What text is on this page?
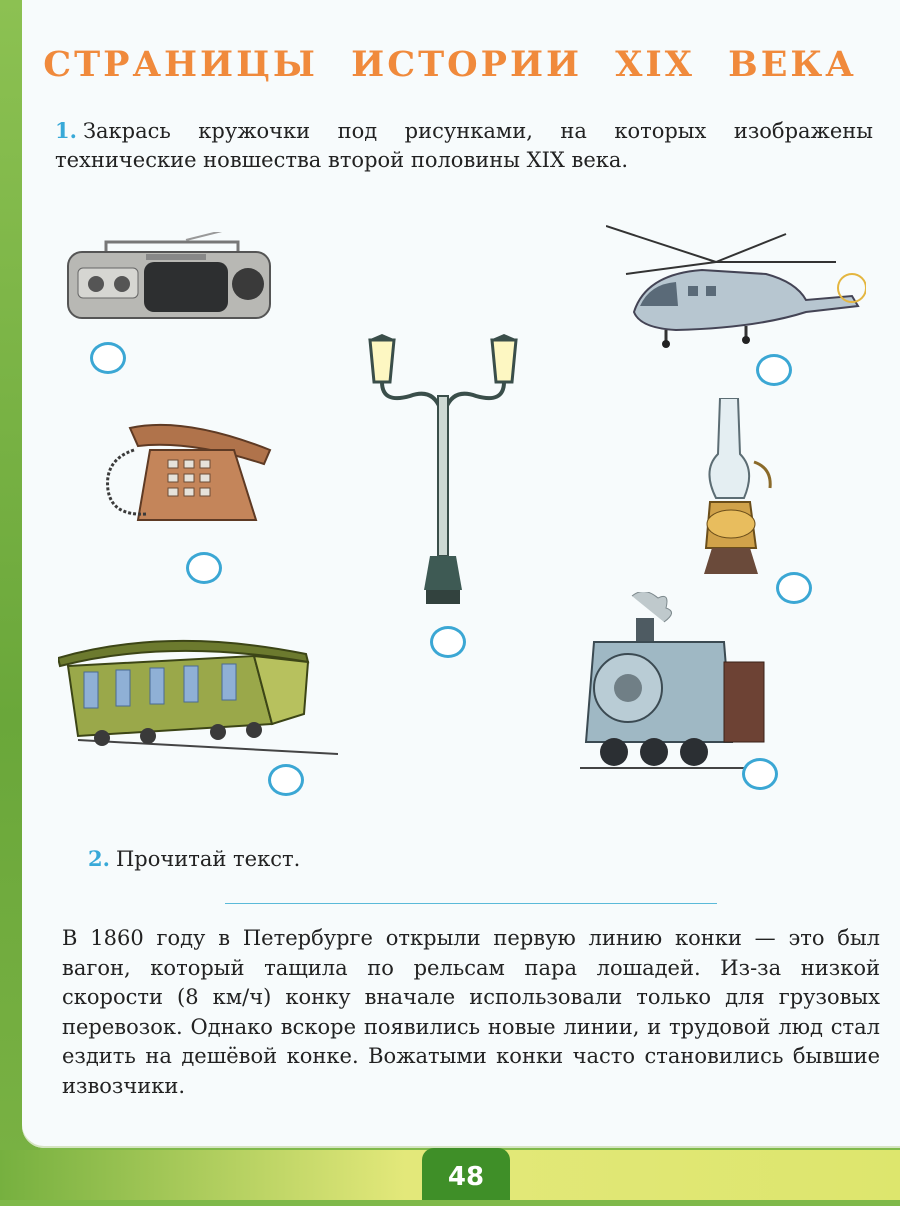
СТРАНИЦЫ ИСТОРИИ XIX ВЕКА
1. Закрась кружочки под рисунками, на которых изображены технические новшества второй половины XIX века.
2. Прочитай текст.
В 1860 году в Петербурге открыли первую линию конки — это был вагон, который тащила по рельсам пара лошадей. Из-за низкой скорости (8 км/ч) конку вначале использовали только для грузовых перевозок. Однако вскоре появились новые линии, и трудовой люд стал ездить на дешёвой конке. Вожатыми конки часто становились бывшие извозчики.
48
